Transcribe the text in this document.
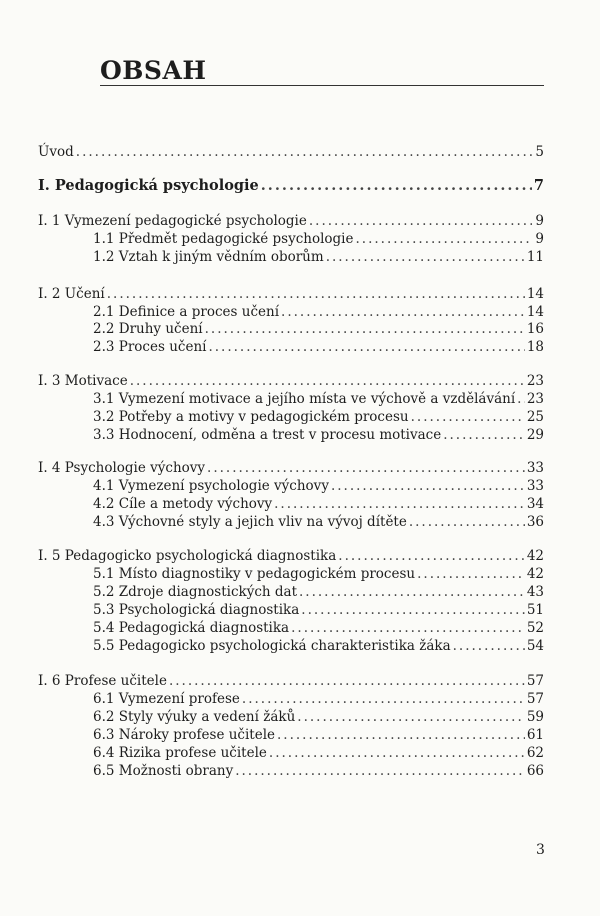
OBSAH
Úvod .....	5
I. Pedagogická psychologie .....	7
I. 1 Vymezení pedagogické psychologie .....	9
1.1 Předmět pedagogické psychologie .....	9
1.2 Vztah k jiným vědním oborům .....	11
I. 2 Učení .....	14
2.1 Definice a proces učení .....	14
2.2 Druhy učení .....	16
2.3 Proces učení .....	18
I. 3 Motivace .....	23
3.1 Vymezení motivace a jejího místa ve výchově a vzdělávání ..... 23
3.2 Potřeby a motivy v pedagogickém procesu .....	25
3.3 Hodnocení, odměna a trest v procesu motivace .....	29
I. 4 Psychologie výchovy .....	33
4.1 Vymezení psychologie výchovy .....	33
4.2 Cíle a metody výchovy .....	34
4.3 Výchovné styly a jejich vliv na vývoj dítěte .....	36
I. 5 Pedagogicko psychologická diagnostika .....	42
5.1 Místo diagnostiky v pedagogickém procesu .....	42
5.2 Zdroje diagnostických dat .....	43
5.3 Psychologická diagnostika .....	51
5.4 Pedagogická diagnostika .....	52
5.5 Pedagogicko psychologická charakteristika žáka .....	54
I. 6 Profese učitele .....	57
6.1 Vymezení profese .....	57
6.2 Styly výuky a vedení žáků .....	59
6.3 Nároky profese učitele .....	61
6.4 Rizika profese učitele .....	62
6.5 Možnosti obrany .....	66

3
